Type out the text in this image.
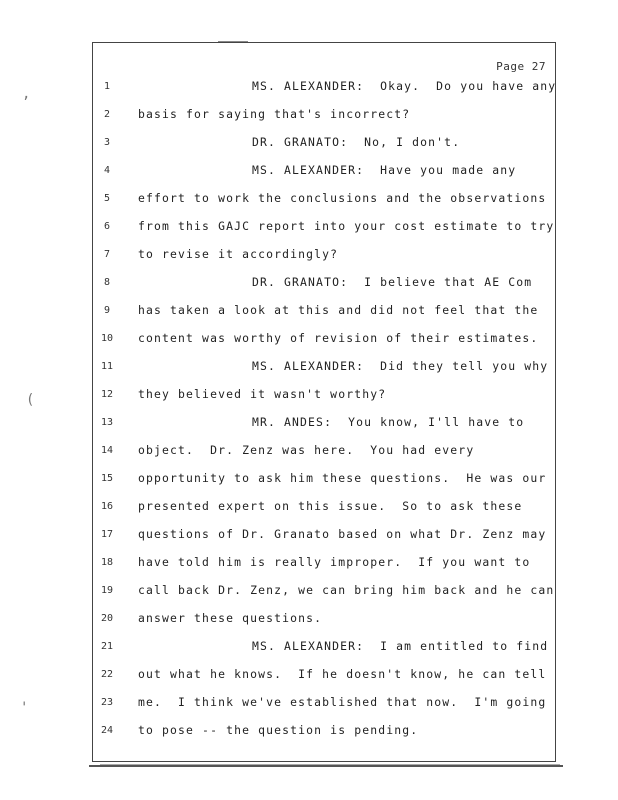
Page 27
,
(
'
1	MS. ALEXANDER:  Okay.  Do you have any
2	basis for saying that's incorrect?
3	DR. GRANATO:  No, I don't.
4	MS. ALEXANDER:  Have you made any
5	effort to work the conclusions and the observations
6	from this GAJC report into your cost estimate to try
7	to revise it accordingly?
8	DR. GRANATO:  I believe that AE Com
9	has taken a look at this and did not feel that the
10	content was worthy of revision of their estimates.
11	MS. ALEXANDER:  Did they tell you why
12	they believed it wasn't worthy?
13	MR. ANDES:  You know, I'll have to
14	object.  Dr. Zenz was here.  You had every
15	opportunity to ask him these questions.  He was our
16	presented expert on this issue.  So to ask these
17	questions of Dr. Granato based on what Dr. Zenz may
18	have told him is really improper.  If you want to
19	call back Dr. Zenz, we can bring him back and he can
20	answer these questions.
21	MS. ALEXANDER:  I am entitled to find
22	out what he knows.  If he doesn't know, he can tell
23	me.  I think we've established that now.  I'm going
24	to pose -- the question is pending.
